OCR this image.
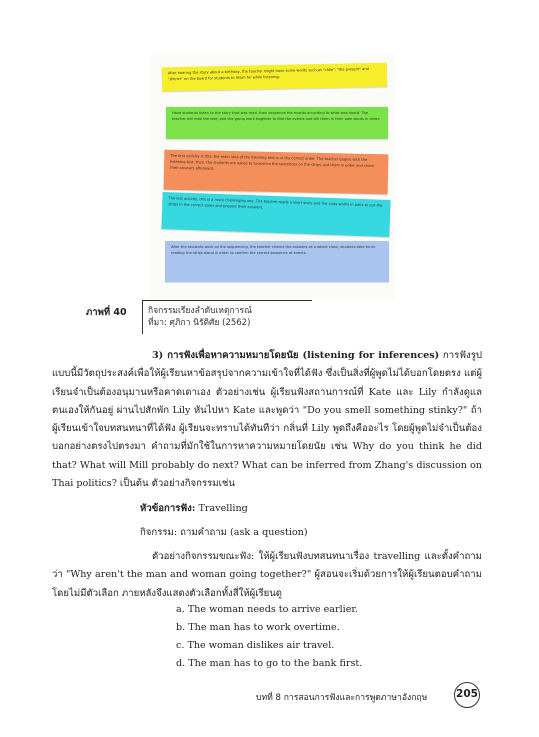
After hearing the story about a birthday, the teacher might have some words such as "cake", "the present" and "dinner" on the board for students to listen for while listening.
Have students listen to the story that was read, then sequence the events according to what was heard. The teacher will read the text, and the group work together to find the events and tell them in their own words in order.
The first activity is this: the main idea of the listening text is in the correct order. The teacher begins with the listening test, then, the students are asked to sequence the sentences on the strips, put them in order and check their answers afterward.
The last activity, this is a more challenging one. The teacher reads a short story and the class works in pairs to put the strips in the correct order and present their answers.
After the students work on the sequencing, the teacher checks the answers as a whole class, students take turns reading the strips aloud in order to confirm the correct sequence of events.
ภาพที่ 40	กิจกรรมเรียงลำดับเหตุการณ์
ที่มา: ศุภิกา นิรัติศัย (2562)

3) การฟังเพื่อหาความหมายโดยนัย (listening for inferences) การฟังรูปแบบนี้มีวัตถุประสงค์เพื่อให้ผู้เรียนหาข้อสรุปจากความเข้าใจที่ได้ฟัง ซึ่งเป็นสิ่งที่ผู้พูดไม่ได้บอกโดยตรง แต่ผู้เรียนจำเป็นต้องอนุมานหรือคาดเดาเอง ตัวอย่างเช่น ผู้เรียนฟังสถานการณ์ที่ Kate และ Lily กำลังดูแลตนเองให้กันอยู่ ผ่านไปสักพัก Lily หันไปหา Kate และพูดว่า "Do you smell something stinky?" ถ้าผู้เรียนเข้าใจบทสนทนาที่ได้ฟัง ผู้เรียนจะทราบได้ทันทีว่า กลิ่นที่ Lily พูดถึงคืออะไร โดยผู้พูดไม่จำเป็นต้องบอกอย่างตรงไปตรงมา คำถามที่มักใช้ในการหาความหมายโดยนัย เช่น Why do you think he did that? What will Mill probably do next? What can be inferred from Zhang's discussion on Thai politics? เป็นต้น ตัวอย่างกิจกรรมเช่น

หัวข้อการฟัง: Travelling
กิจกรรม: ถามคำถาม (ask a question)

ตัวอย่างกิจกรรมขณะฟัง: ให้ผู้เรียนฟังบทสนทนาเรื่อง travelling และตั้งคำถามว่า "Why aren't the man and woman going together?" ผู้สอนจะเริ่มด้วยการให้ผู้เรียนตอบคำถามโดยไม่มีตัวเลือก ภายหลังจึงแสดงตัวเลือกทั้งสี่ให้ผู้เรียนดู

a. The woman needs to arrive earlier.
b. The man has to work overtime.
c. The woman dislikes air travel.
d. The man has to go to the bank first.
บทที่ 8 การสอนการฟังและการพูดภาษาอังกฤษ	205
